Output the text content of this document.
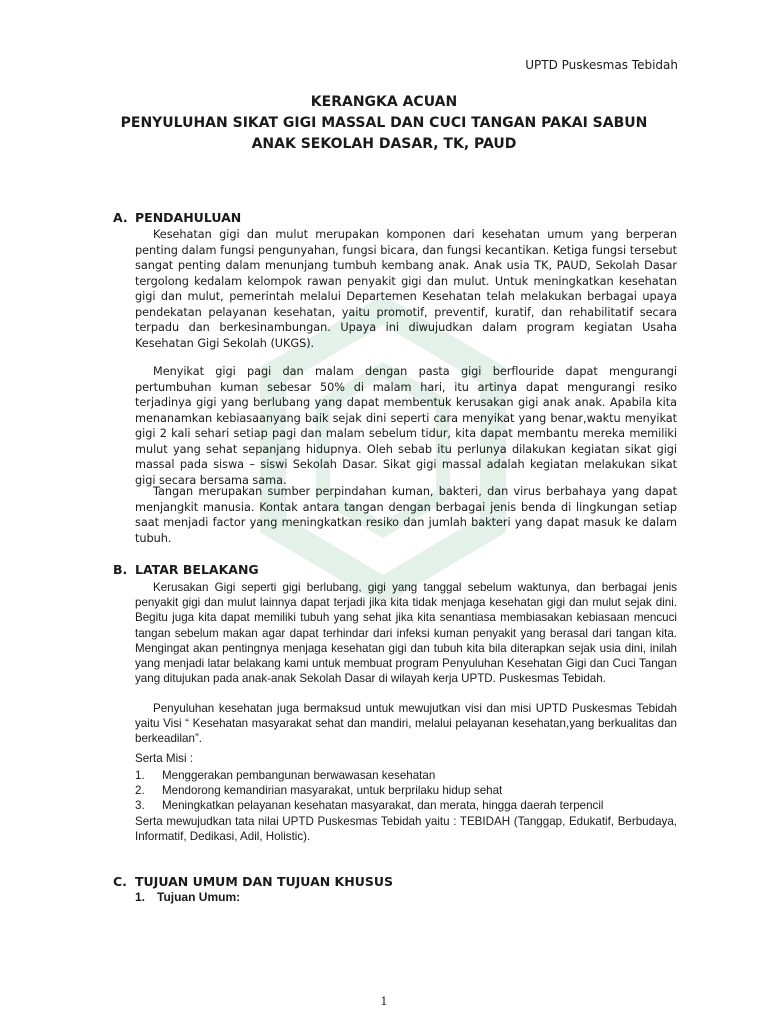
UPTD Puskesmas Tebidah
KERANGKA ACUAN
PENYULUHAN SIKAT GIGI MASSAL DAN CUCI TANGAN PAKAI SABUN
ANAK SEKOLAH DASAR, TK, PAUD
A. PENDAHULUAN

Kesehatan gigi dan mulut merupakan komponen dari kesehatan umum yang berperan penting dalam fungsi pengunyahan, fungsi bicara, dan fungsi kecantikan. Ketiga fungsi tersebut sangat penting dalam menunjang tumbuh kembang anak. Anak usia TK, PAUD, Sekolah Dasar tergolong kedalam kelompok rawan penyakit gigi dan mulut. Untuk meningkatkan kesehatan gigi dan mulut, pemerintah melalui Departemen Kesehatan telah melakukan berbagai upaya pendekatan pelayanan kesehatan, yaitu promotif, preventif, kuratif, dan rehabilitatif secara terpadu dan berkesinambungan. Upaya ini diwujudkan dalam program kegiatan Usaha Kesehatan Gigi Sekolah (UKGS).

Menyikat gigi pagi dan malam dengan pasta gigi berflouride dapat mengurangi pertumbuhan kuman sebesar 50% di malam hari, itu artinya dapat mengurangi resiko terjadinya gigi yang berlubang yang dapat membentuk kerusakan gigi anak anak. Apabila kita menanamkan kebiasaanyang baik sejak dini seperti cara menyikat yang benar,waktu menyikat gigi 2 kali sehari setiap pagi dan malam sebelum tidur, kita dapat membantu mereka memiliki mulut yang sehat sepanjang hidupnya. Oleh sebab itu perlunya dilakukan kegiatan sikat gigi massal pada siswa – siswi Sekolah Dasar. Sikat gigi massal adalah kegiatan melakukan sikat gigi secara bersama sama.

Tangan merupakan sumber perpindahan kuman, bakteri, dan virus berbahaya yang dapat menjangkit manusia. Kontak antara tangan dengan berbagai jenis benda di lingkungan setiap saat menjadi factor yang meningkatkan resiko dan jumlah bakteri yang dapat masuk ke dalam tubuh.

B. LATAR BELAKANG

Kerusakan Gigi seperti gigi berlubang, gigi yang tanggal sebelum waktunya, dan berbagai jenis penyakit gigi dan mulut lainnya dapat terjadi jika kita tidak menjaga kesehatan gigi dan mulut sejak dini. Begitu juga kita dapat memiliki tubuh yang sehat jika kita senantiasa membiasakan kebiasaan mencuci tangan sebelum makan agar dapat terhindar dari infeksi kuman penyakit yang berasal dari tangan kita. Mengingat akan pentingnya menjaga kesehatan gigi dan tubuh kita bila diterapkan sejak usia dini, inilah yang menjadi latar belakang kami untuk membuat program Penyuluhan Kesehatan Gigi dan Cuci Tangan yang ditujukan pada anak-anak Sekolah Dasar di wilayah kerja UPTD. Puskesmas Tebidah.

Penyuluhan kesehatan juga bermaksud untuk mewujutkan visi dan misi UPTD Puskesmas Tebidah yaitu Visi “ Kesehatan masyarakat sehat dan mandiri, melalui pelayanan kesehatan,yang berkualitas dan berkeadilan”.

Serta Misi :

1.	Menggerakan pembangunan berwawasan kesehatan
2.	Mendorong kemandirian masyarakat, untuk berprilaku hidup sehat
3.	Meningkatkan pelayanan kesehatan masyarakat, dan merata, hingga daerah terpencil

Serta mewujudkan tata nilai UPTD Puskesmas Tebidah yaitu : TEBIDAH (Tanggap, Edukatif, Berbudaya, Informatif, Dedikasi, Adil, Holistic).

C. TUJUAN UMUM DAN TUJUAN KHUSUS
1. Tujuan Umum:
1
